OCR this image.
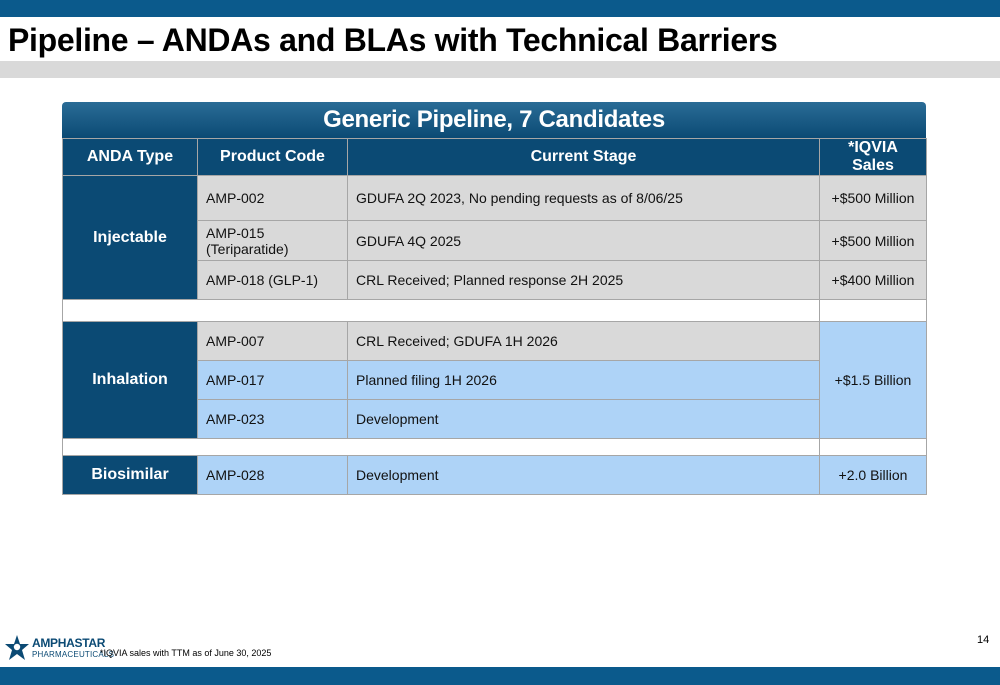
Pipeline – ANDAs and BLAs with Technical Barriers
Generic Pipeline, 7 Candidates
ANDA Type	Product Code	Current Stage	*IQVIA Sales
Injectable	AMP-002	GDUFA 2Q 2023, No pending requests as of 8/06/25	+$500 Million
	AMP-015 (Teriparatide)	GDUFA 4Q 2025	+$500 Million
	AMP-018 (GLP-1)	CRL Received; Planned response 2H 2025	+$400 Million

Inhalation	AMP-007	CRL Received; GDUFA 1H 2026	+$1.5 Billion
	AMP-017	Planned filing 1H 2026	
	AMP-023	Development	

Biosimilar	AMP-028	Development	+2.0 Billion
AMPHASTAR
PHARMACEUTICALS
*IQVIA sales with TTM as of June 30, 2025
14
